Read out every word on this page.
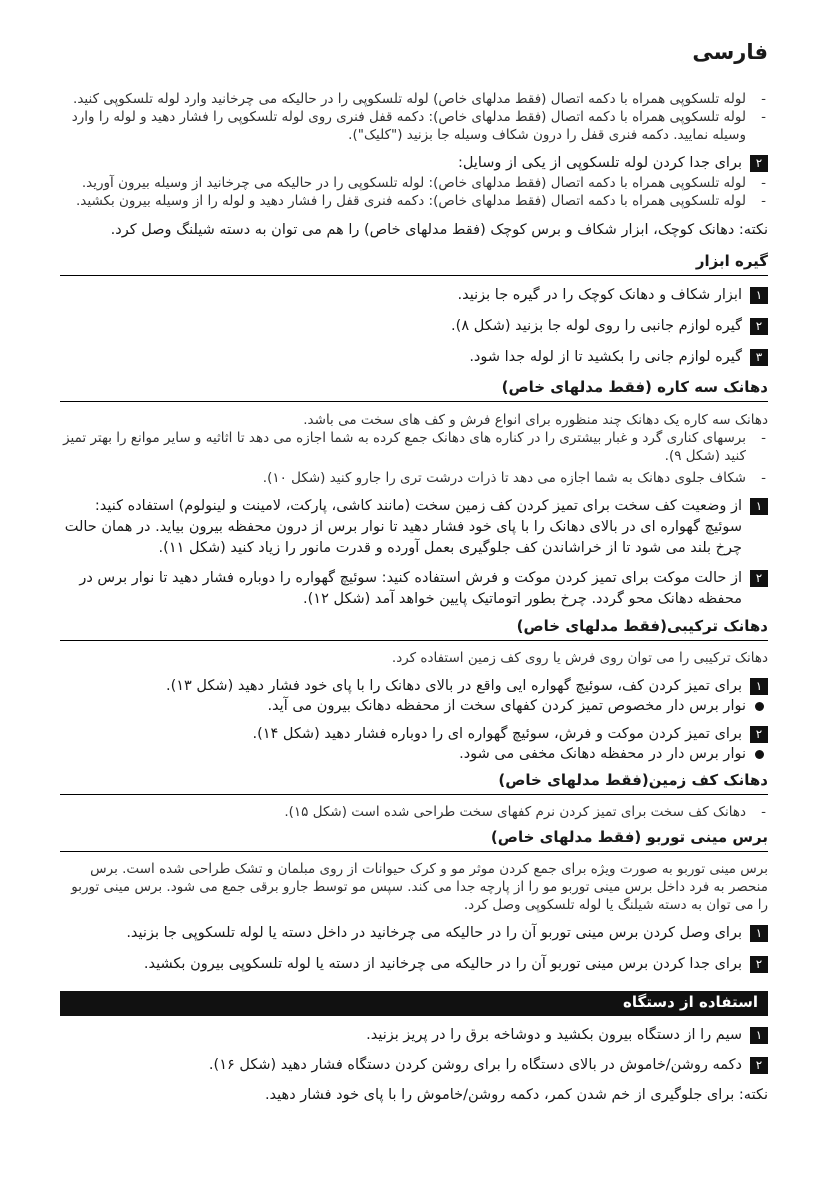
فارسی
- لوله تلسکوپی همراه با دکمه اتصال (فقط مدلهای خاص) لوله تلسکوپی را در حالیکه می چرخانید وارد لوله تلسکوپی کنید.
- لوله تلسکوپی همراه با دکمه اتصال (فقط مدلهای خاص): دکمه قفل فنری روی لوله تلسکوپی را فشار دهید و لوله را وارد وسیله نمایید. دکمه فنری قفل را درون شکاف وسیله جا بزنید ("کلیک").
۲
برای جدا کردن لوله تلسکوپی از یکی از وسایل:
- لوله تلسکوپی همراه با دکمه اتصال (فقط مدلهای خاص): لوله تلسکوپی را در حالیکه می چرخانید از وسیله بیرون آورید.
- لوله تلسکوپی همراه با دکمه اتصال (فقط مدلهای خاص): دکمه فنری قفل را فشار دهید و لوله را از وسیله بیرون بکشید.
نکته: دهانک کوچک، ابزار شکاف و برس کوچک (فقط مدلهای خاص) را هم می توان به دسته شیلنگ وصل کرد.
گیره ابزار
۱
ابزار شکاف و دهانک کوچک را در گیره جا بزنید.
۲
گیره لوازم جانبی را روی لوله جا بزنید (شکل ۸).
۳
گیره لوازم جانی را بکشید تا از لوله جدا شود.
دهانک سه کاره (فقط مدلهای خاص)
دهانک سه کاره یک دهانک چند منظوره برای انواع فرش و کف های سخت می باشد.
- برسهای کناری گرد و غبار بیشتری را در کناره های دهانک جمع کرده به شما اجازه می دهد تا اثاثیه و سایر موانع را بهتر تمیز کنید (شکل ۹).
- شکاف جلوی دهانک به شما اجازه می دهد تا ذرات درشت تری را جارو کنید (شکل ۱۰).
۱
از وضعیت کف سخت برای تمیز کردن کف زمین سخت (مانند کاشی، پارکت، لامینت و لینولوم) استفاده کنید: سوئیچ گهواره ای در بالای دهانک را با پای خود فشار دهید تا نوار برس از درون محفظه بیرون بیاید. در همان حالت چرخ بلند می شود تا از خراشاندن کف جلوگیری بعمل آورده و قدرت مانور را زیاد کنید (شکل ۱۱).
۲
از حالت موکت برای تمیز کردن موکت و فرش استفاده کنید: سوئیچ گهواره را دوباره فشار دهید تا نوار برس در محفظه دهانک محو گردد. چرخ بطور اتوماتیک پایین خواهد آمد (شکل ۱۲).
دهانک ترکیبی(فقط مدلهای خاص)
دهانک ترکیبی را می توان روی فرش یا روی کف زمین استفاده کرد.
۱
برای تمیز کردن کف، سوئیچ گهواره ایی واقع در بالای دهانک را با پای خود فشار دهید (شکل ۱۳).
نوار برس دار مخصوص تمیز کردن کفهای سخت از محفظه دهانک بیرون می آید.
۲
برای تمیز کردن موکت و فرش، سوئیچ گهواره ای را دوباره فشار دهید (شکل ۱۴).
نوار برس دار در محفظه دهانک مخفی می شود.
دهانک کف زمین(فقط مدلهای خاص)
- دهانک کف سخت برای تمیز کردن نرم کفهای سخت طراحی شده است (شکل ۱۵).
برس مینی توربو (فقط مدلهای خاص)
برس مینی توربو به صورت ویژه برای جمع کردن موثر مو و کرک حیوانات از روی مبلمان و تشک طراحی شده است. برس منحصر به فرد داخل برس مینی توربو مو را از پارچه جدا می کند. سپس مو توسط جارو برقی جمع می شود. برس مینی توربو را می توان به دسته شیلنگ یا لوله تلسکوپی وصل کرد.
۱
برای وصل کردن برس مینی توربو آن را در حالیکه می چرخانید در داخل دسته یا لوله تلسکوپی جا بزنید.
۲
برای جدا کردن برس مینی توربو آن را در حالیکه می چرخانید از دسته یا لوله تلسکوپی بیرون بکشید.
استفاده از دستگاه
۱
سیم را از دستگاه بیرون بکشید و دوشاخه برق را در پریز بزنید.
۲
دکمه روشن/خاموش در بالای دستگاه را برای روشن کردن دستگاه فشار دهید (شکل ۱۶).
نکته: برای جلوگیری از خم شدن کمر، دکمه روشن/خاموش را با پای خود فشار دهید.
